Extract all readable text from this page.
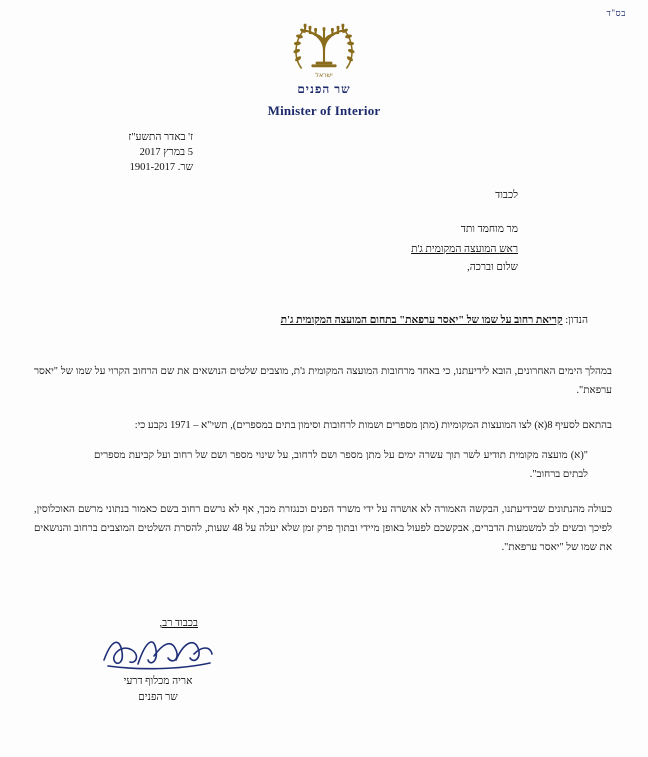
בס"ד
ישראל
שר הפנים
Minister of Interior
ז' באדר התשע"ז
5 במרץ 2017
שר. 1901-2017
לכבוד
מר מוחמד ותד
ראש המועצה המקומית ג'ת
שלום וברכה,
הנדון: קריאת רחוב על שמו של "יאסר ערפאת" בתחום המועצה המקומית ג'ת

במהלך הימים האחרונים, הובא לידיעתנו, כי באחד מרחובות המועצה המקומית ג'ת, מוצבים שלטים הנושאים את שם הרחוב הקרוי על שמו של "יאסר ערפאת".

בהתאם לסעיף 8(א) לצו המועצות המקומיות (מתן מספרים ושמות לרחובות וסימון בתים במספרים), תשי"א – 1971 נקבע כי:

"(א) מועצה מקומית תודיע לשר תוך עשרה ימים על מתן מספר ושם לרחוב, על שינוי מספר ושם של רחוב ועל קביעת מספרים לבתים ברחוב".

כעולה מהנתונים שבידיעתנו, הבקשה האמורה לא אושרה על ידי משרד הפנים וכנגזרת מכך, אף לא נרשם רחוב בשם כאמור בנתוני מרשם האוכלוסין, לפיכך ובשים לב למשמעות הדברים, אבקשכם לפעול באופן מיידי ובתוך פרק זמן שלא יעלה על 48 שעות, להסרת השלטים המוצבים ברחוב והנושאים את שמו של "יאסר ערפאת".

בכבוד רב,
אריה מכלוף דרעי
שר הפנים
